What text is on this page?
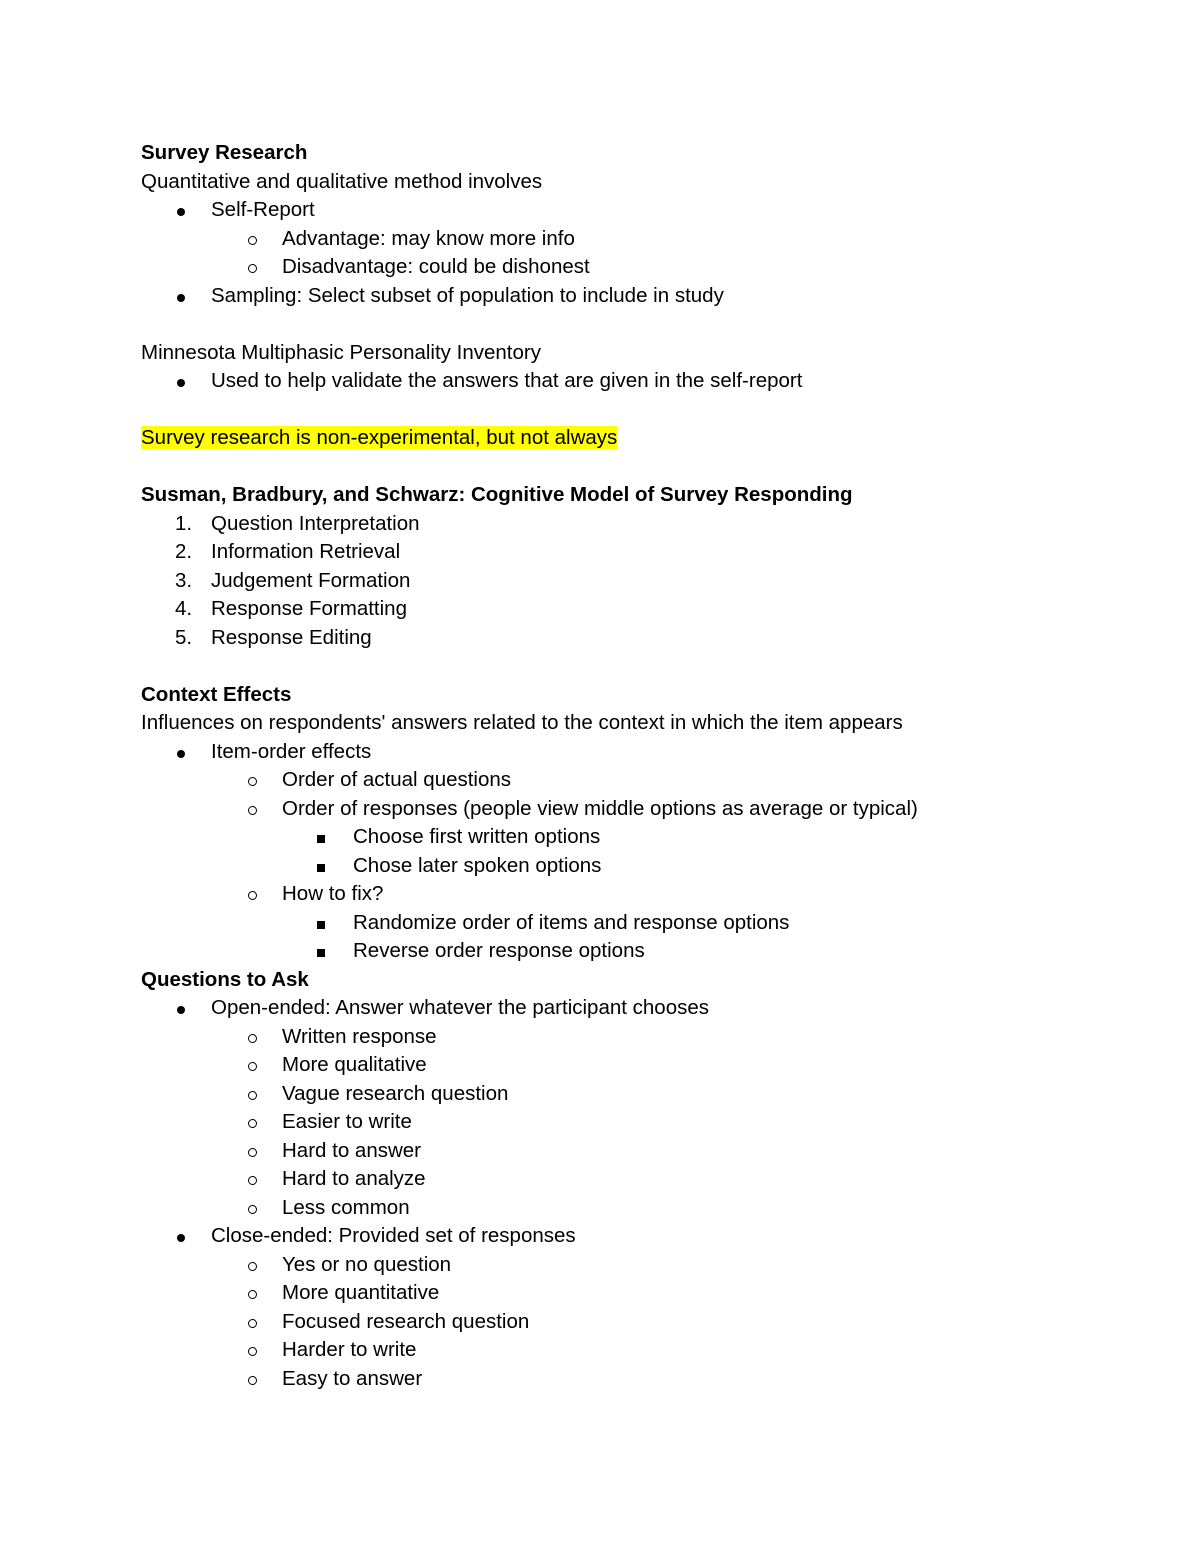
Survey Research
Quantitative and qualitative method involves
Self-Report
Advantage: may know more info
Disadvantage: could be dishonest
Sampling: Select subset of population to include in study
Minnesota Multiphasic Personality Inventory
Used to help validate the answers that are given in the self-report
Survey research is non-experimental, but not always
Susman, Bradbury, and Schwarz: Cognitive Model of Survey Responding
1. Question Interpretation
2. Information Retrieval
3. Judgement Formation
4. Response Formatting
5. Response Editing
Context Effects
Influences on respondents' answers related to the context in which the item appears
Item-order effects
Order of actual questions
Order of responses (people view middle options as average or typical)
Choose first written options
Chose later spoken options
How to fix?
Randomize order of items and response options
Reverse order response options
Questions to Ask
Open-ended: Answer whatever the participant chooses
Written response
More qualitative
Vague research question
Easier to write
Hard to answer
Hard to analyze
Less common
Close-ended: Provided set of responses
Yes or no question
More quantitative
Focused research question
Harder to write
Easy to answer
